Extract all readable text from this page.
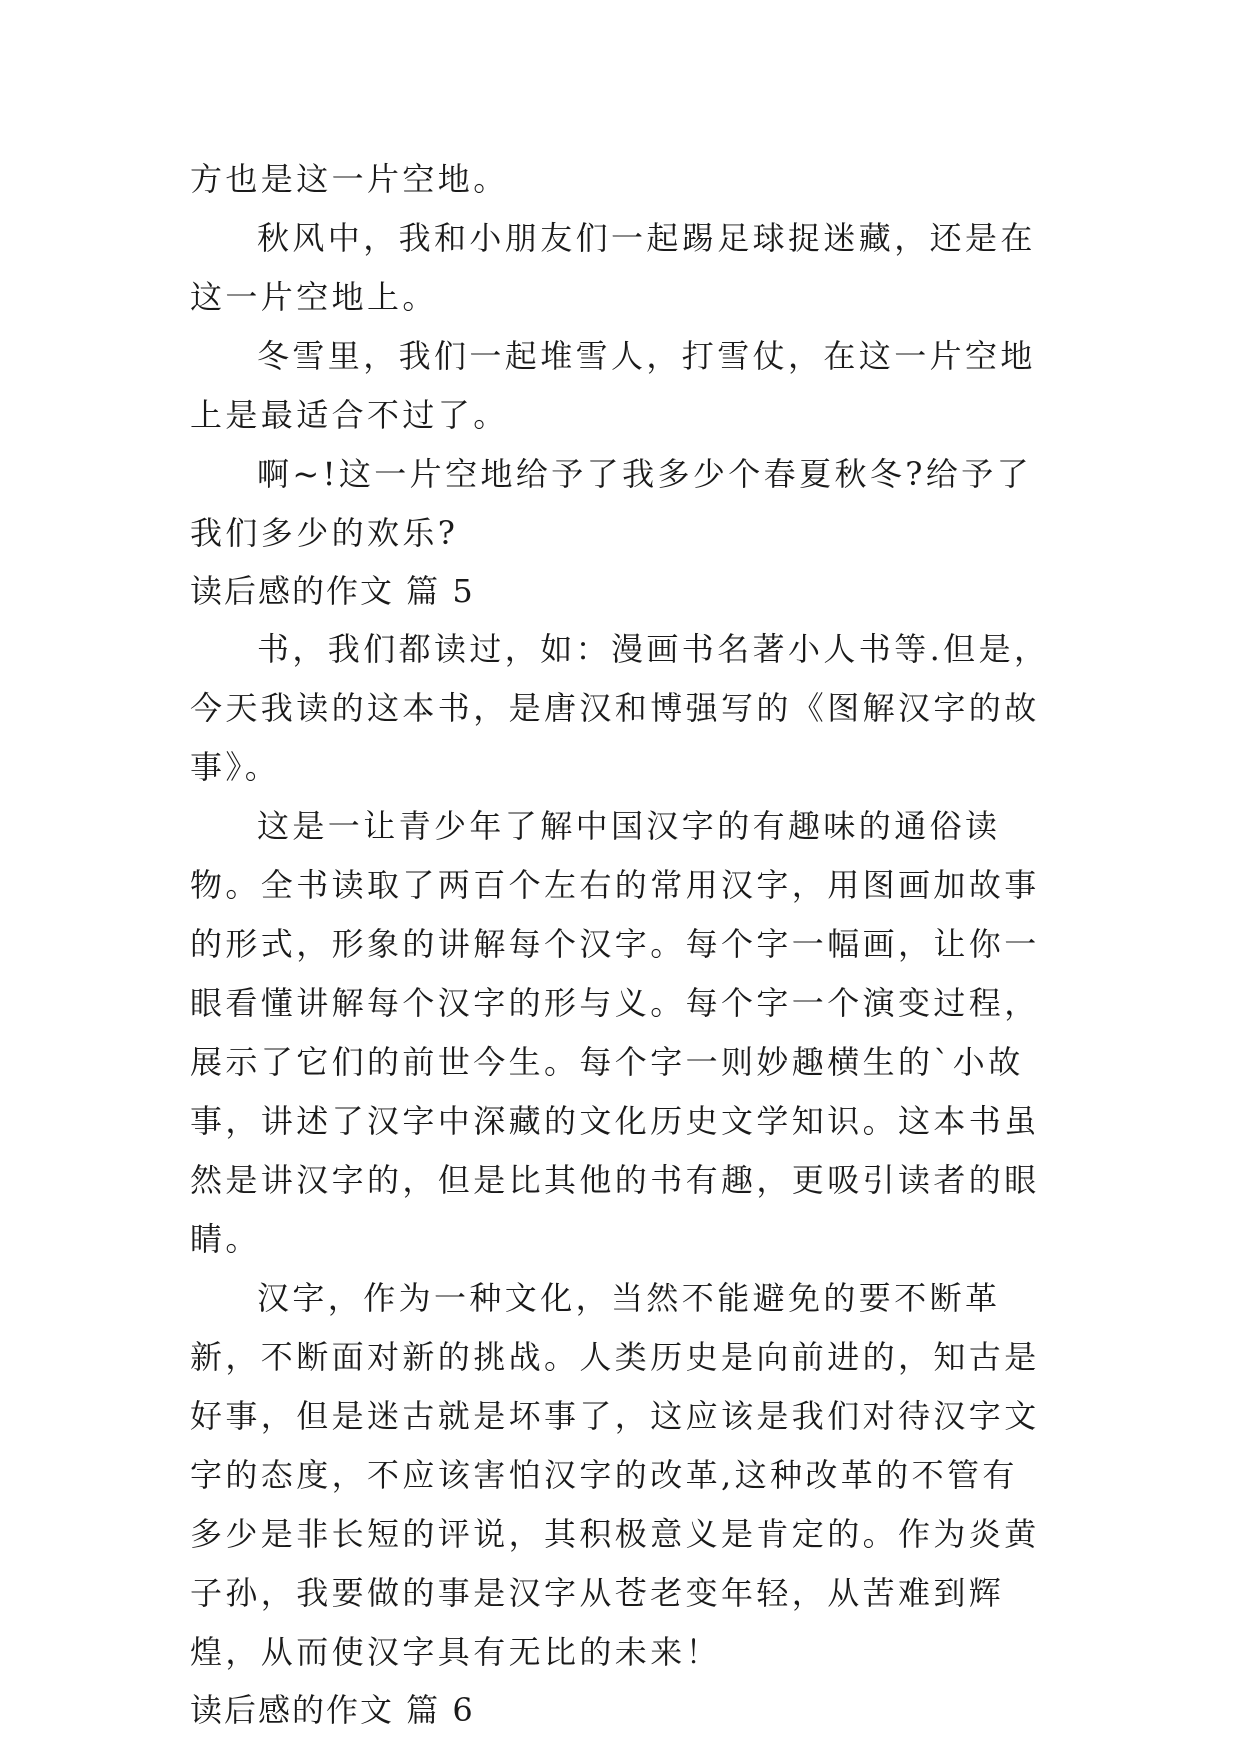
方也是这一片空地。

秋风中，我和小朋友们一起踢足球捉迷藏，还是在这一片空地上。

冬雪里，我们一起堆雪人，打雪仗，在这一片空地上是最适合不过了。

啊~!这一片空地给予了我多少个春夏秋冬?给予了我们多少的欢乐?

读后感的作文 篇 5

书，我们都读过，如：漫画书名著小人书等.但是，今天我读的这本书，是唐汉和博强写的《图解汉字的故事》。

这是一让青少年了解中国汉字的有趣味的通俗读物。全书读取了两百个左右的常用汉字，用图画加故事的形式，形象的讲解每个汉字。每个字一幅画，让你一眼看懂讲解每个汉字的形与义。每个字一个演变过程，展示了它们的前世今生。每个字一则妙趣横生的`小故事，讲述了汉字中深藏的文化历史文学知识。这本书虽然是讲汉字的，但是比其他的书有趣，更吸引读者的眼睛。

汉字，作为一种文化，当然不能避免的要不断革新，不断面对新的挑战。人类历史是向前进的，知古是好事，但是迷古就是坏事了，这应该是我们对待汉字文字的态度，不应该害怕汉字的改革,这种改革的不管有多少是非长短的评说，其积极意义是肯定的。作为炎黄子孙，我要做的事是汉字从苍老变年轻，从苦难到辉煌，从而使汉字具有无比的未来！

读后感的作文 篇 6
